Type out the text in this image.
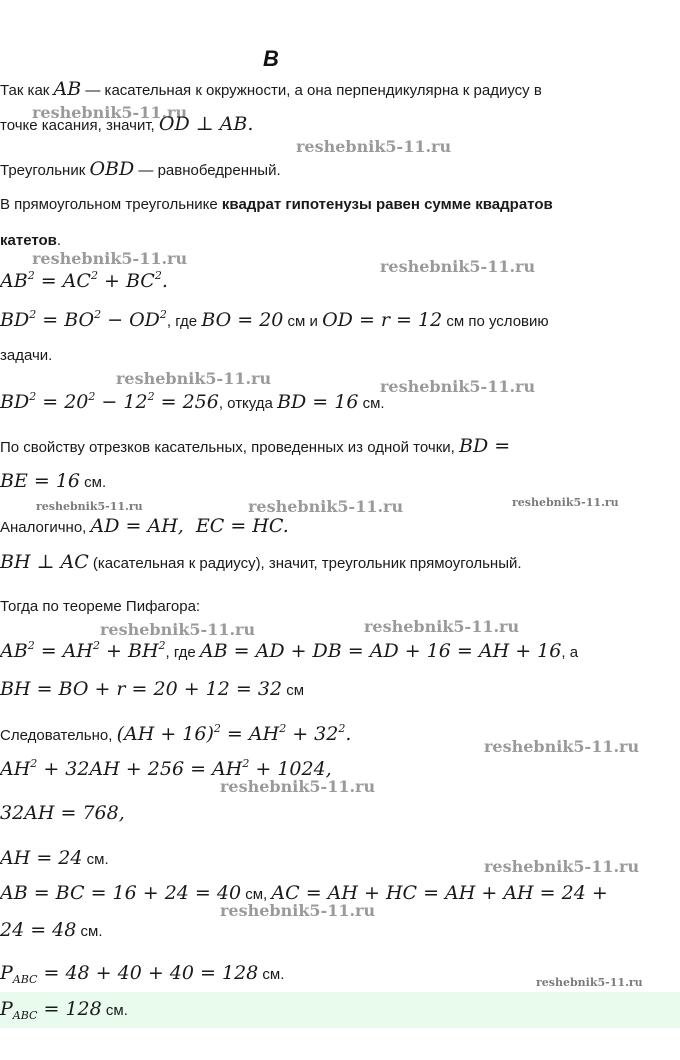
В
reshebnik5-11.ru
reshebnik5-11.ru
reshebnik5-11.ru	reshebnik5-11.ru
reshebnik5-11.ru	reshebnik5-11.ru
reshebnik5-11.ru	reshebnik5-11.ru	reshebnik5-11.ru
reshebnik5-11.ru	reshebnik5-11.ru
reshebnik5-11.ru
reshebnik5-11.ru
reshebnik5-11.ru
reshebnik5-11.ru
reshebnik5-11.ru
Так как AB — касательная к окружности, а она перпендикулярна к радиусу в
точке касания, значит, OD ⊥ AB.
Треугольник OBD — равнобедренный.
В прямоугольном треугольнике квадрат гипотенузы равен сумме квадратов
катетов.
$AB^2 = AC^2 + BC^2$.
$BD^2 = BO^2 - OD^2$, где BO = 20 см и OD = r = 12 см по условию
задачи.
$BD^2 = 20^2 - 12^2 = 256$, откуда BD = 16 см.
По свойству отрезков касательных, проведенных из одной точки, BD =
BE = 16 см.
Аналогично, AD = AH,  EC = HC.
BH ⊥ AC (касательная к радиусу), значит, треугольник прямоугольный.
Тогда по теореме Пифагора:
$AB^2 = AH^2 + BH^2$, где AB = AD + DB = AD + 16 = AH + 16, а
BH = BO + r = 20 + 12 = 32 см
Следовательно, $(AH + 16)^2 = AH^2 + 32^2$.
$AH^2 + 32AH + 256 = AH^2 + 1024$,
32AH = 768,
AH = 24 см.
AB = BC = 16 + 24 = 40 см, AC = AH + HC = AH + AH = 24 +
24 = 48 см.
$P_{ABC} = 48 + 40 + 40 = 128$ см.
$P_{ABC} = 128$ см.
